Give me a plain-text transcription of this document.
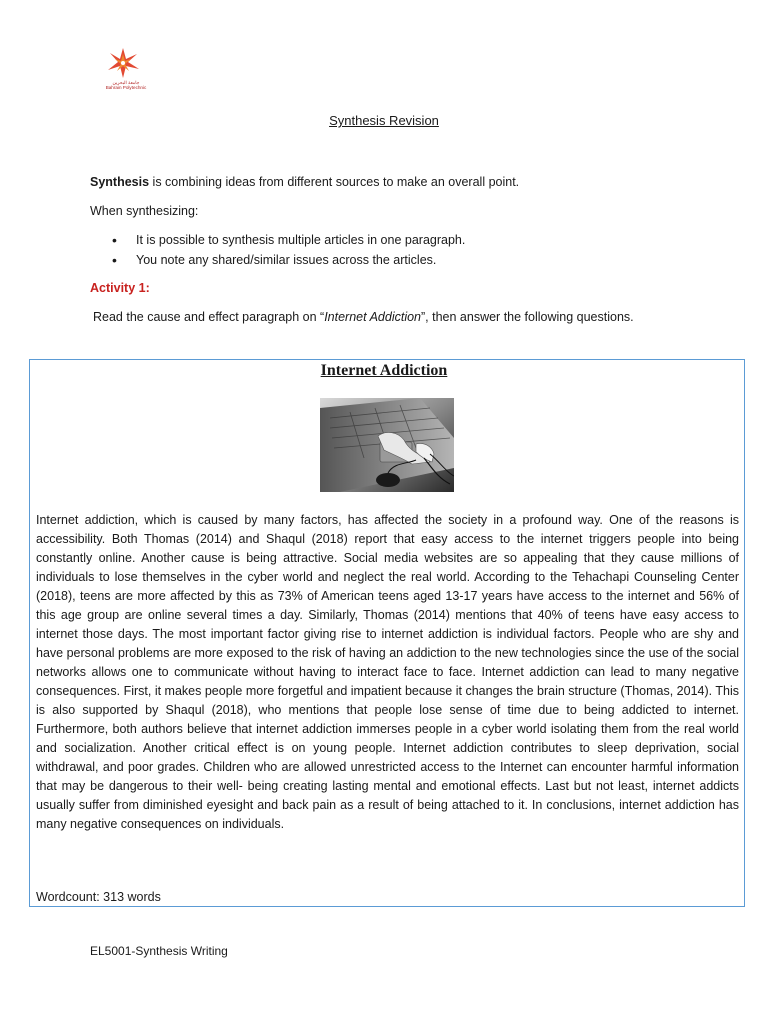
جامعة البحرين
Bahrain Polytechnic
Synthesis Revision
Synthesis is combining ideas from different sources to make an overall point.
When synthesizing:
• It is possible to synthesis multiple articles in one paragraph.
• You note any shared/similar issues across the articles.
Activity 1:
Read the cause and effect paragraph on “Internet Addiction”, then answer the following questions.
Internet Addiction

Internet addiction, which is caused by many factors, has affected the society in a profound way. One of the reasons is accessibility. Both Thomas (2014) and Shaqul (2018) report that easy access to the internet triggers people into being constantly online. Another cause is being attractive. Social media websites are so appealing that they cause millions of individuals to lose themselves in the cyber world and neglect the real world. According to the Tehachapi Counseling Center (2018), teens are more affected by this as 73% of American teens aged 13-17 years have access to the internet and 56% of this age group are online several times a day. Similarly, Thomas (2014) mentions that 40% of teens have easy access to internet those days. The most important factor giving rise to internet addiction is individual factors. People who are shy and have personal problems are more exposed to the risk of having an addiction to the new technologies since the use of the social networks allows one to communicate without having to interact face to face. Internet addiction can lead to many negative consequences. First, it makes people more forgetful and impatient because it changes the brain structure (Thomas, 2014). This is also supported by Shaqul (2018), who mentions that people lose sense of time due to being addicted to internet. Furthermore, both authors believe that internet addiction immerses people in a cyber world isolating them from the real world and socialization. Another critical effect is on young people. Internet addiction contributes to sleep deprivation, social withdrawal, and poor grades. Children who are allowed unrestricted access to the Internet can encounter harmful information that may be dangerous to their well- being creating lasting mental and emotional effects. Last but not least, internet addicts usually suffer from diminished eyesight and back pain as a result of being attached to it. In conclusions, internet addiction has many negative consequences on individuals.

Wordcount: 313 words
EL5001-Synthesis Writing
